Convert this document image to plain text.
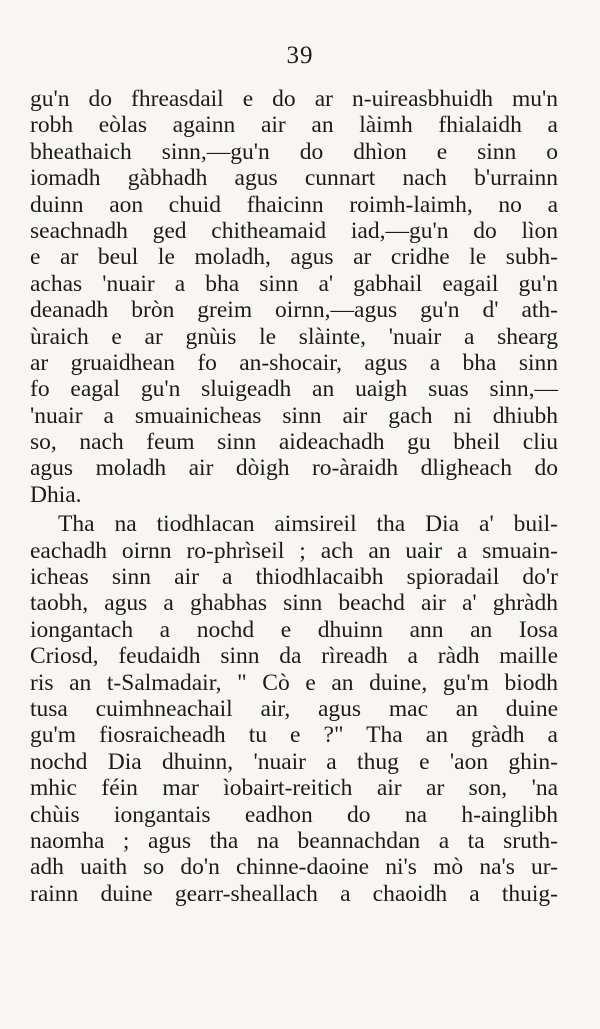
39
gu'n do fhreasdail e do ar n-uireasbhuidh mu'n
robh eòlas againn air an làimh fhialaidh a
bheathaich sinn,—gu'n do dhìon e sinn o
iomadh gàbhadh agus cunnart nach b'urrainn
duinn aon chuid fhaicinn roimh-laimh, no a
seachnadh ged chitheamaid iad,—gu'n do lìon
e ar beul le moladh, agus ar cridhe le subh-
achas 'nuair a bha sinn a' gabhail eagail gu'n
deanadh bròn greim oirnn,—agus gu'n d' ath-
ùraich e ar gnùis le slàinte, 'nuair a shearg
ar gruaidhean fo an-shocair, agus a bha sinn
fo eagal gu'n sluigeadh an uaigh suas sinn,—
'nuair a smuainicheas sinn air gach ni dhiubh
so, nach feum sinn aideachadh gu bheil cliu
agus moladh air dòigh ro-àraidh dligheach do
Dhia.
Tha na tiodhlacan aimsireil tha Dia a' buil-
eachadh oirnn ro-phrìseil ; ach an uair a smuain-
icheas sinn air a thiodhlacaibh spioradail do'r
taobh, agus a ghabhas sinn beachd air a' ghràdh
iongantach a nochd e dhuinn ann an Iosa
Criosd, feudaidh sinn da rìreadh a ràdh maille
ris an t-Salmadair, " Cò e an duine, gu'm biodh
tusa cuimhneachail air, agus mac an duine
gu'm fiosraicheadh tu e ?" Tha an gràdh a
nochd Dia dhuinn, 'nuair a thug e 'aon ghin-
mhic féin mar ìobairt-reitich air ar son, 'na
chùis iongantais eadhon do na h-ainglibh
naomha ; agus tha na beannachdan a ta sruth-
adh uaith so do'n chinne-daoine ni's mò na's ur-
rainn duine gearr-sheallach a chaoidh a thuig-
